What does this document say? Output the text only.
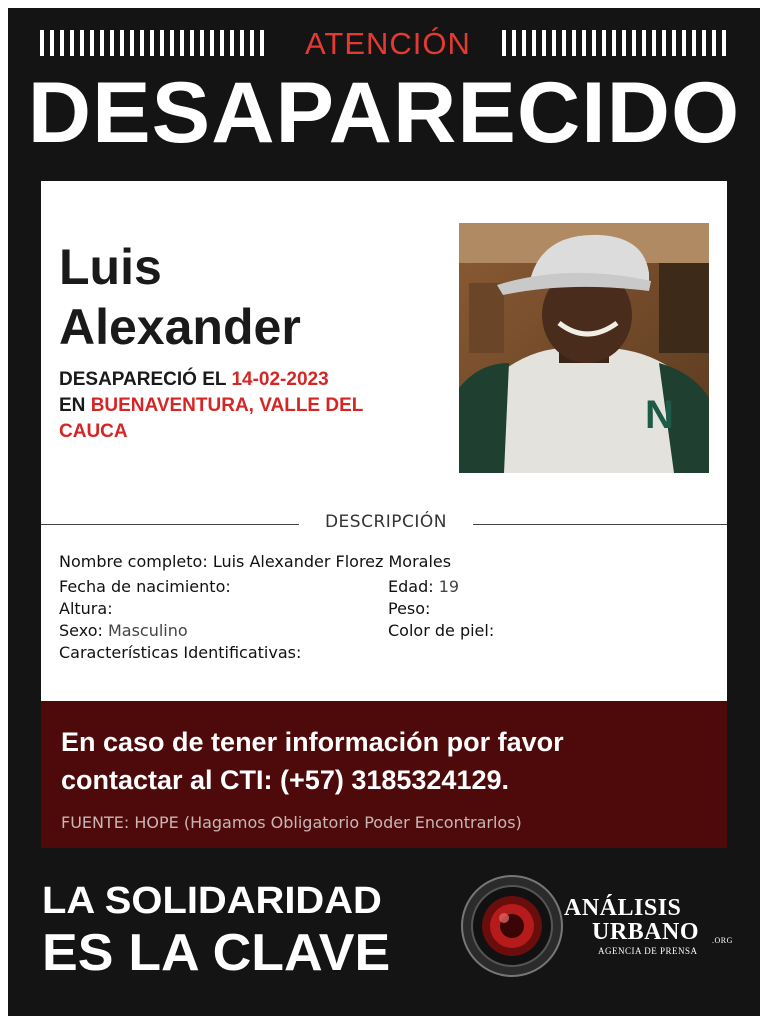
ATENCIÓN
DESAPARECIDO
Luis
Alexander
DESAPARECIÓ EL 14-02-2023
EN BUENAVENTURA, VALLE DEL
CAUCA	N
DESCRIPCIÓN
Nombre completo: Luis Alexander Florez Morales
Fecha de nacimiento:	Edad: 19
Altura:	Peso:
Sexo: Masculino	Color de piel:
Características Identificativas:
En caso de tener información por favor
contactar al CTI: (+57) 3185324129.
FUENTE: HOPE (Hagamos Obligatorio Poder Encontrarlos)
LA SOLIDARIDAD
ES LA CLAVE
ANÁLISIS
URBANO .ORG
AGENCIA DE PRENSA
